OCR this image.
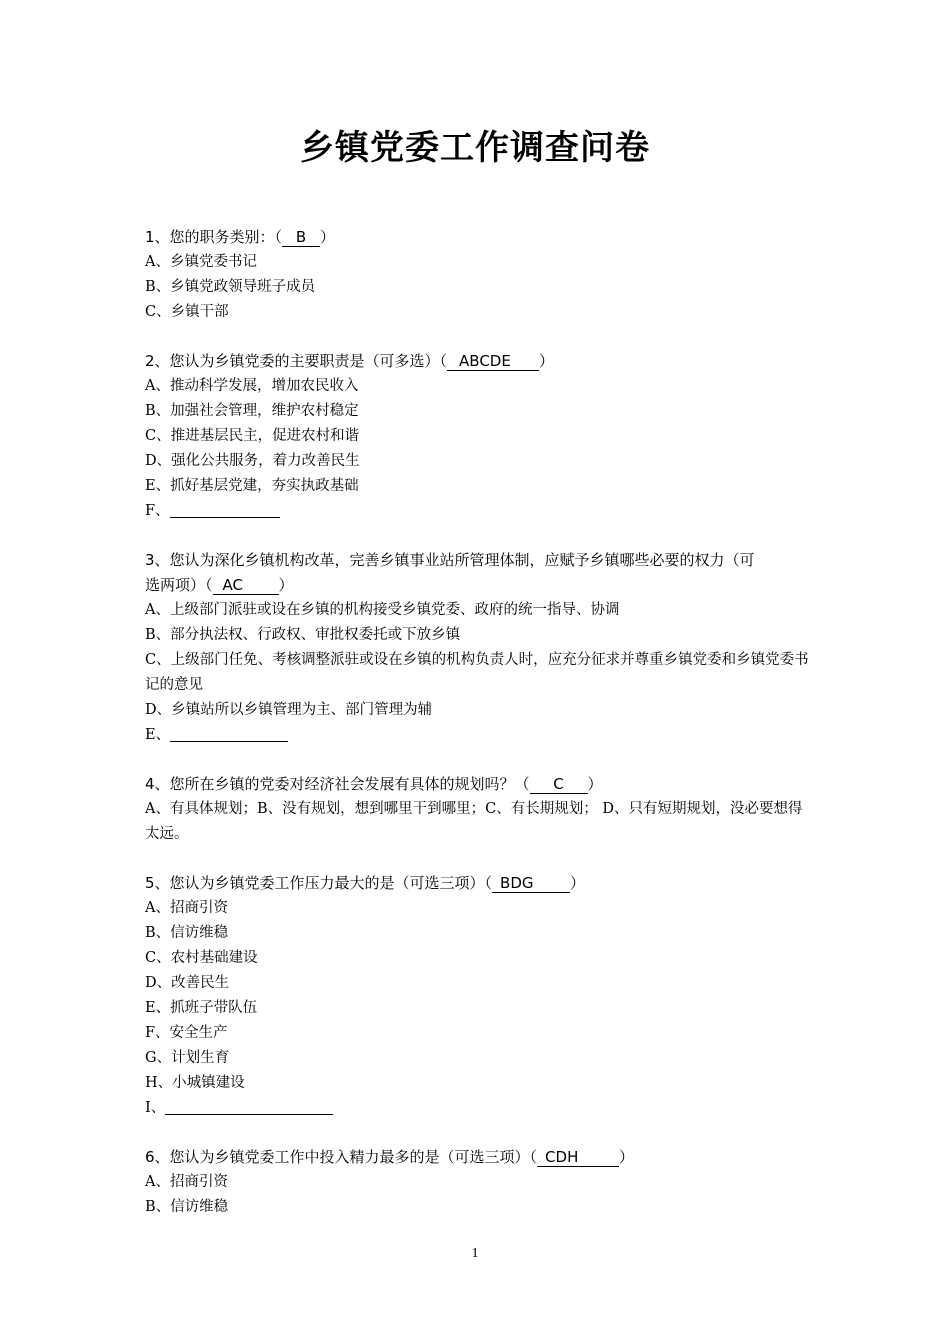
乡镇党委工作调查问卷
1、您的职务类别：（ B ）
A、乡镇党委书记
B、乡镇党政领导班子成员
C、乡镇干部
2、您认为乡镇党委的主要职责是（可多选）（ ABCDE ）
A、推动科学发展，增加农民收入
B、加强社会管理，维护农村稳定
C、推进基层民主，促进农村和谐
D、强化公共服务，着力改善民生
E、抓好基层党建，夯实执政基础
F、
3、您认为深化乡镇机构改革，完善乡镇事业站所管理体制，应赋予乡镇哪些必要的权力（可
选两项）（ AC ）
A、上级部门派驻或设在乡镇的机构接受乡镇党委、政府的统一指导、协调
B、部分执法权、行政权、审批权委托或下放乡镇
C、上级部门任免、考核调整派驻或设在乡镇的机构负责人时，应充分征求并尊重乡镇党委和乡镇党委书记的意见
D、乡镇站所以乡镇管理为主、部门管理为辅
E、
4、您所在乡镇的党委对经济社会发展有具体的规划吗？（ C ）
A、有具体规划；B、没有规划，想到哪里干到哪里；C、有长期规划； D、只有短期规划，没必要想得太远。
5、您认为乡镇党委工作压力最大的是（可选三项）（ BDG ）
A、招商引资
B、信访维稳
C、农村基础建设
D、改善民生
E、抓班子带队伍
F、安全生产
G、计划生育
H、小城镇建设
I、
6、您认为乡镇党委工作中投入精力最多的是（可选三项）（ CDH	）
A、招商引资
B、信访维稳
1
